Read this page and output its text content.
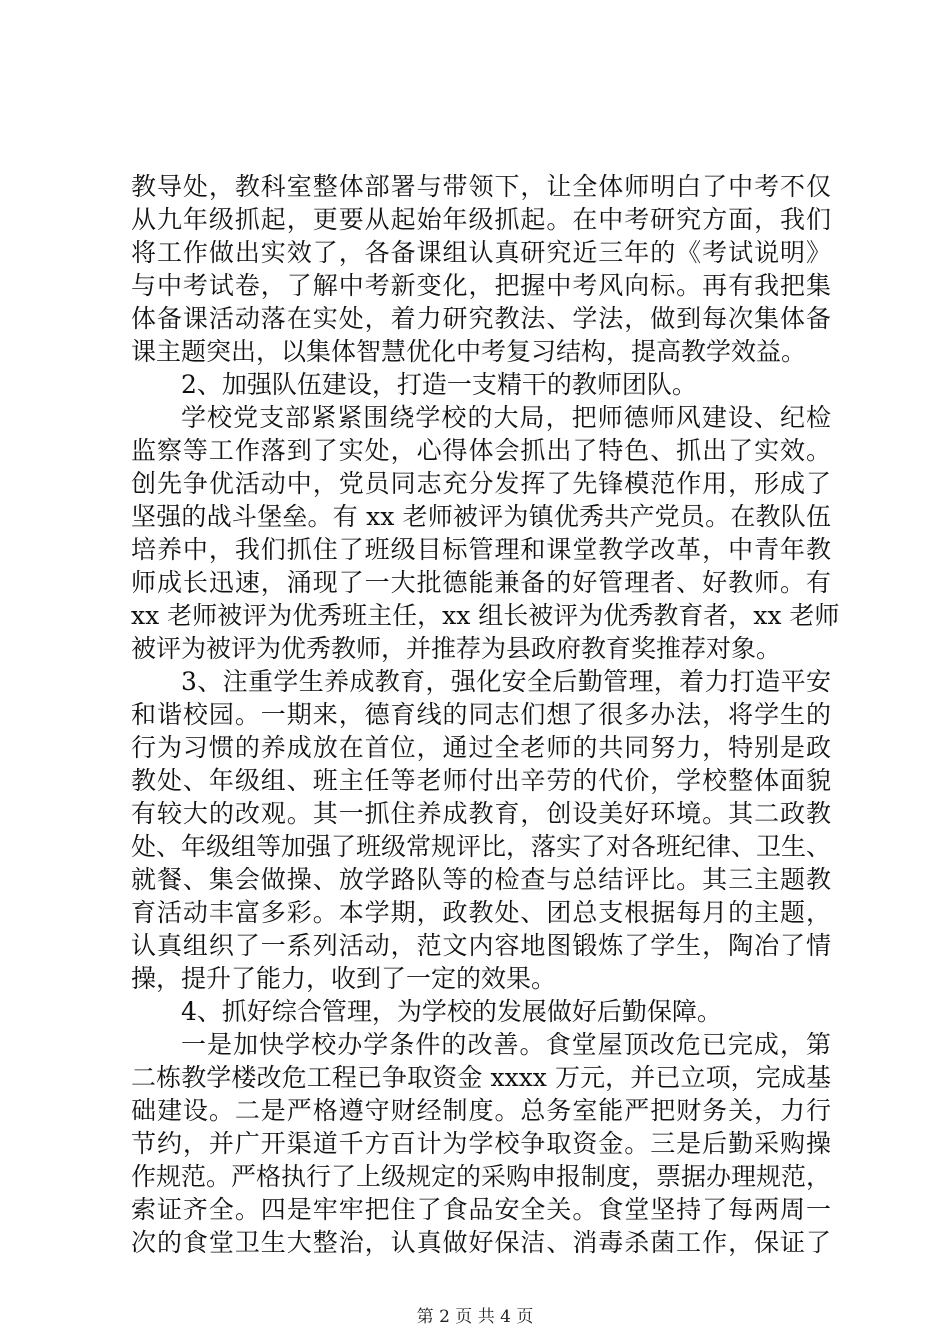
教导处，教科室整体部署与带领下，让全体师明白了中考不仅
从九年级抓起，更要从起始年级抓起。在中考研究方面，我们
将工作做出实效了，各备课组认真研究近三年的《考试说明》
与中考试卷，了解中考新变化，把握中考风向标。再有我把集
体备课活动落在实处，着力研究教法、学法，做到每次集体备
课主题突出，以集体智慧优化中考复习结构，提高教学效益。
2、加强队伍建设，打造一支精干的教师团队。
学校党支部紧紧围绕学校的大局，把师德师风建设、纪检
监察等工作落到了实处，心得体会抓出了特色、抓出了实效。
创先争优活动中，党员同志充分发挥了先锋模范作用，形成了
坚强的战斗堡垒。有 xx 老师被评为镇优秀共产党员。在教队伍
培养中，我们抓住了班级目标管理和课堂教学改革，中青年教
师成长迅速，涌现了一大批德能兼备的好管理者、好教师。有
xx 老师被评为优秀班主任，xx 组长被评为优秀教育者，xx 老师
被评为被评为优秀教师，并推荐为县政府教育奖推荐对象。
3、注重学生养成教育，强化安全后勤管理，着力打造平安
和谐校园。一期来，德育线的同志们想了很多办法，将学生的
行为习惯的养成放在首位，通过全老师的共同努力，特别是政
教处、年级组、班主任等老师付出辛劳的代价，学校整体面貌
有较大的改观。其一抓住养成教育，创设美好环境。其二政教
处、年级组等加强了班级常规评比，落实了对各班纪律、卫生、
就餐、集会做操、放学路队等的检查与总结评比。其三主题教
育活动丰富多彩。本学期，政教处、团总支根据每月的主题，
认真组织了一系列活动，范文内容地图锻炼了学生，陶冶了情
操，提升了能力，收到了一定的效果。
4、抓好综合管理，为学校的发展做好后勤保障。
一是加快学校办学条件的改善。食堂屋顶改危已完成，第
二栋教学楼改危工程已争取资金 xxxx 万元，并已立项，完成基
础建设。二是严格遵守财经制度。总务室能严把财务关，力行
节约，并广开渠道千方百计为学校争取资金。三是后勤采购操
作规范。严格执行了上级规定的采购申报制度，票据办理规范，
索证齐全。四是牢牢把住了食品安全关。食堂坚持了每两周一
次的食堂卫生大整治，认真做好保洁、消毒杀菌工作，保证了
第 2 页 共 4 页
